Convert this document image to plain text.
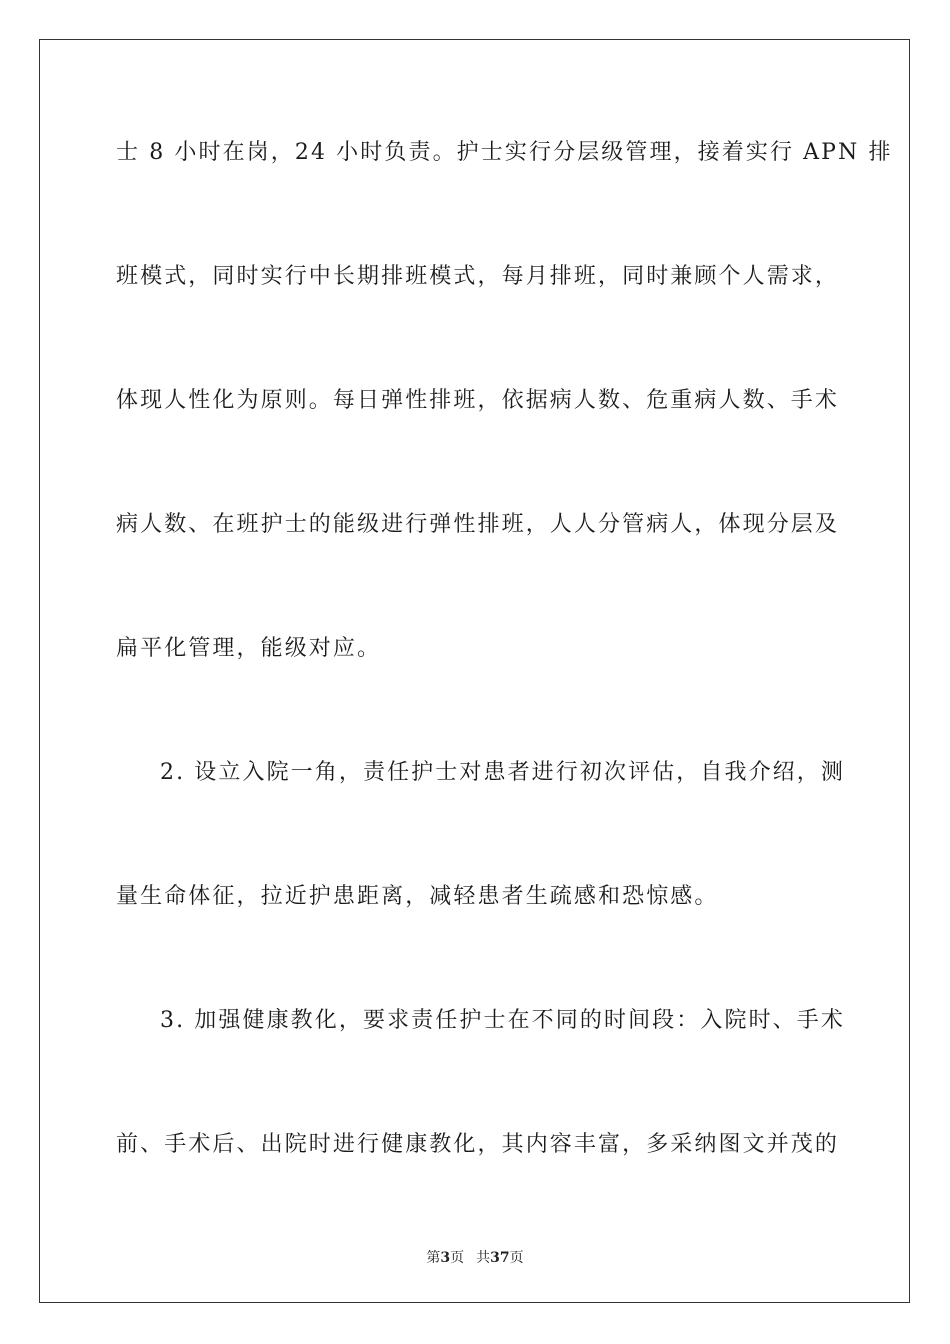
士 8 小时在岗，24 小时负责。护士实行分层级管理，接着实行 APN 排
班模式，同时实行中长期排班模式，每月排班，同时兼顾个人需求，
体现人性化为原则。每日弹性排班，依据病人数、危重病人数、手术
病人数、在班护士的能级进行弹性排班，人人分管病人，体现分层及
扁平化管理，能级对应。
2. 设立入院一角，责任护士对患者进行初次评估，自我介绍，测
量生命体征，拉近护患距离，减轻患者生疏感和恐惊感。
3. 加强健康教化，要求责任护士在不同的时间段：入院时、手术
前、手术后、出院时进行健康教化，其内容丰富，多采纳图文并茂的
第3页 共37页
